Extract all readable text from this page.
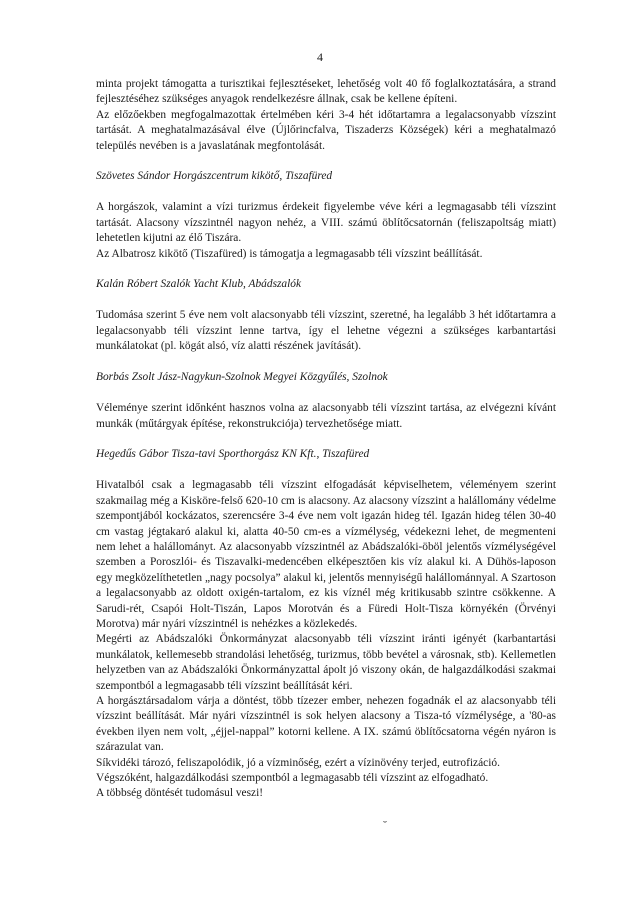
4

minta projekt támogatta a turisztikai fejlesztéseket, lehetőség volt 40 fő foglalkoztatására, a strand fejlesztéséhez szükséges anyagok rendelkezésre állnak, csak be kellene építeni.

Az előzőekben megfogalmazottak értelmében kéri 3-4 hét időtartamra a legalacsonyabb vízszint tartását. A meghatalmazásával élve (Újlőrincfalva, Tiszaderzs Községek) kéri a meghatalmazó település nevében is a javaslatának megfontolását.

Szövetes Sándor Horgászcentrum kikötő, Tiszafüred

A horgászok, valamint a vízi turizmus érdekeit figyelembe véve kéri a legmagasabb téli vízszint tartását. Alacsony vízszintnél nagyon nehéz, a VIII. számú öblítőcsatornán (feliszapoltság miatt) lehetetlen kijutni az élő Tiszára.

Az Albatrosz kikötő (Tiszafüred) is támogatja a legmagasabb téli vízszint beállítását.

Kalán Róbert Szalók Yacht Klub, Abádszalók

Tudomása szerint 5 éve nem volt alacsonyabb téli vízszint, szeretné, ha legalább 3 hét időtartamra a legalacsonyabb téli vízszint lenne tartva, így el lehetne végezni a szükséges karbantartási munkálatokat (pl. kögát alsó, víz alatti részének javítását).

Borbás Zsolt Jász-Nagykun-Szolnok Megyei Közgyűlés, Szolnok

Véleménye szerint időnként hasznos volna az alacsonyabb téli vízszint tartása, az elvégezni kívánt munkák (műtárgyak építése, rekonstrukciója) tervezhetősége miatt.

Hegedűs Gábor Tisza-tavi Sporthorgász KN Kft., Tiszafüred

Hivatalból csak a legmagasabb téli vízszint elfogadását képviselhetem, véleményem szerint szakmailag még a Kisköre-felső 620-10 cm is alacsony. Az alacsony vízszint a halállomány védelme szempontjából kockázatos, szerencsére 3-4 éve nem volt igazán hideg tél. Igazán hideg télen 30-40 cm vastag jégtakaró alakul ki, alatta 40-50 cm-es a vízmélység, védekezni lehet, de megmenteni nem lehet a halállományt. Az alacsonyabb vízszintnél az Abádszalóki-öböl jelentős vízmélységével szemben a Poroszlói- és Tiszavalki-medencében elképesztően kis víz alakul ki. A Dühös-laposon egy megközelíthetetlen „nagy pocsolya” alakul ki, jelentős mennyiségű halállománnyal. A Szartoson a legalacsonyabb az oldott oxigén-tartalom, ez kis víznél még kritikusabb szintre csökkenne. A Sarudi-rét, Csapói Holt-Tiszán, Lapos Morotván és a Füredi Holt-Tisza környékén (Örvényi Morotva) már nyári vízszintnél is nehézkes a közlekedés.

Megérti az Abádszalóki Önkormányzat alacsonyabb téli vízszint iránti igényét (karbantartási munkálatok, kellemesebb strandolási lehetőség, turizmus, több bevétel a városnak, stb). Kellemetlen helyzetben van az Abádszalóki Önkormányzattal ápolt jó viszony okán, de halgazdálkodási szakmai szempontból a legmagasabb téli vízszint beállítását kéri.

A horgásztársadalom várja a döntést, több tízezer ember, nehezen fogadnák el az alacsonyabb téli vízszint beállítását. Már nyári vízszintnél is sok helyen alacsony a Tisza-tó vízmélysége, a '80-as években ilyen nem volt, „éjjel-nappal” kotorni kellene. A IX. számú öblítőcsatorna végén nyáron is szárazulat van.

Síkvidéki tározó, feliszapolódik, jó a vízminőség, ezért a vízinövény terjed, eutrofizáció.

Végszóként, halgazdálkodási szempontból a legmagasabb téli vízszint az elfogadható.

A többség döntését tudomásul veszi!

˘
